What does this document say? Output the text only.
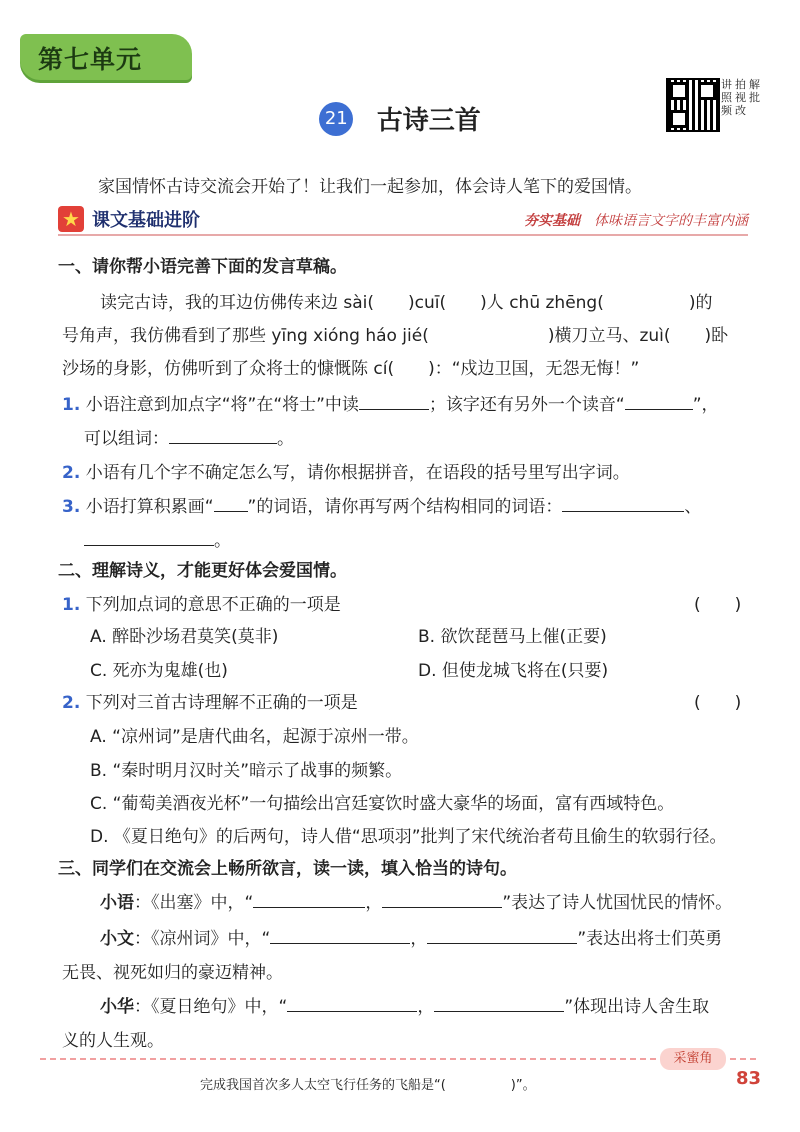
第七单元
讲 拍 解
照 视 批
频 改
21 古诗三首
家国情怀古诗交流会开始了！让我们一起参加，体会诗人笔下的爱国情。
★ 课文基础进阶	夯实基础 体味语言文字的丰富内涵
一、请你帮小语完善下面的发言草稿。
读完古诗，我的耳边仿佛传来边 sài(　　)cuī(　　)人 chū zhēng(　　　　　)的
号角声，我仿佛看到了那些 yīng xióng háo jié(　　　　　　　)横刀立马、zuì(　　)卧
沙场的身影，仿佛听到了众将士的慷慨陈 cí(　　)：“戍边卫国，无怨无悔！”
1. 小语注意到加点字“将”在“将士”中读	；该字还有另外一个读音“	”，
可以组词：	。
2. 小语有几个字不确定怎么写，请你根据拼音，在语段的括号里写出字词。
3. 小语打算积累画“ ”的词语，请你再写两个结构相同的词语：	、
。
二、理解诗义，才能更好体会爱国情。
1. 下列加点词的意思不正确的一项是	(　　)
A. 醉卧沙场君莫笑(莫非)	B. 欲饮琵琶马上催(正要)
C. 死亦为鬼雄(也)	D. 但使龙城飞将在(只要)
2. 下列对三首古诗理解不正确的一项是	(　　)
A. “凉州词”是唐代曲名，起源于凉州一带。
B. “秦时明月汉时关”暗示了战事的频繁。
C. “葡萄美酒夜光杯”一句描绘出宫廷宴饮时盛大豪华的场面，富有西域特色。
D. 《夏日绝句》的后两句，诗人借“思项羽”批判了宋代统治者苟且偷生的软弱行径。
三、同学们在交流会上畅所欲言，读一读，填入恰当的诗句。
小语：《出塞》中，“	，	”表达了诗人忧国忧民的情怀。
小文：《凉州词》中，“	，	”表达出将士们英勇
无畏、视死如归的豪迈精神。
小华：《夏日绝句》中，“	，	”体现出诗人舍生取
义的人生观。
采蜜角
83
完成我国首次多人太空飞行任务的飞船是“(　　　　　)”。
